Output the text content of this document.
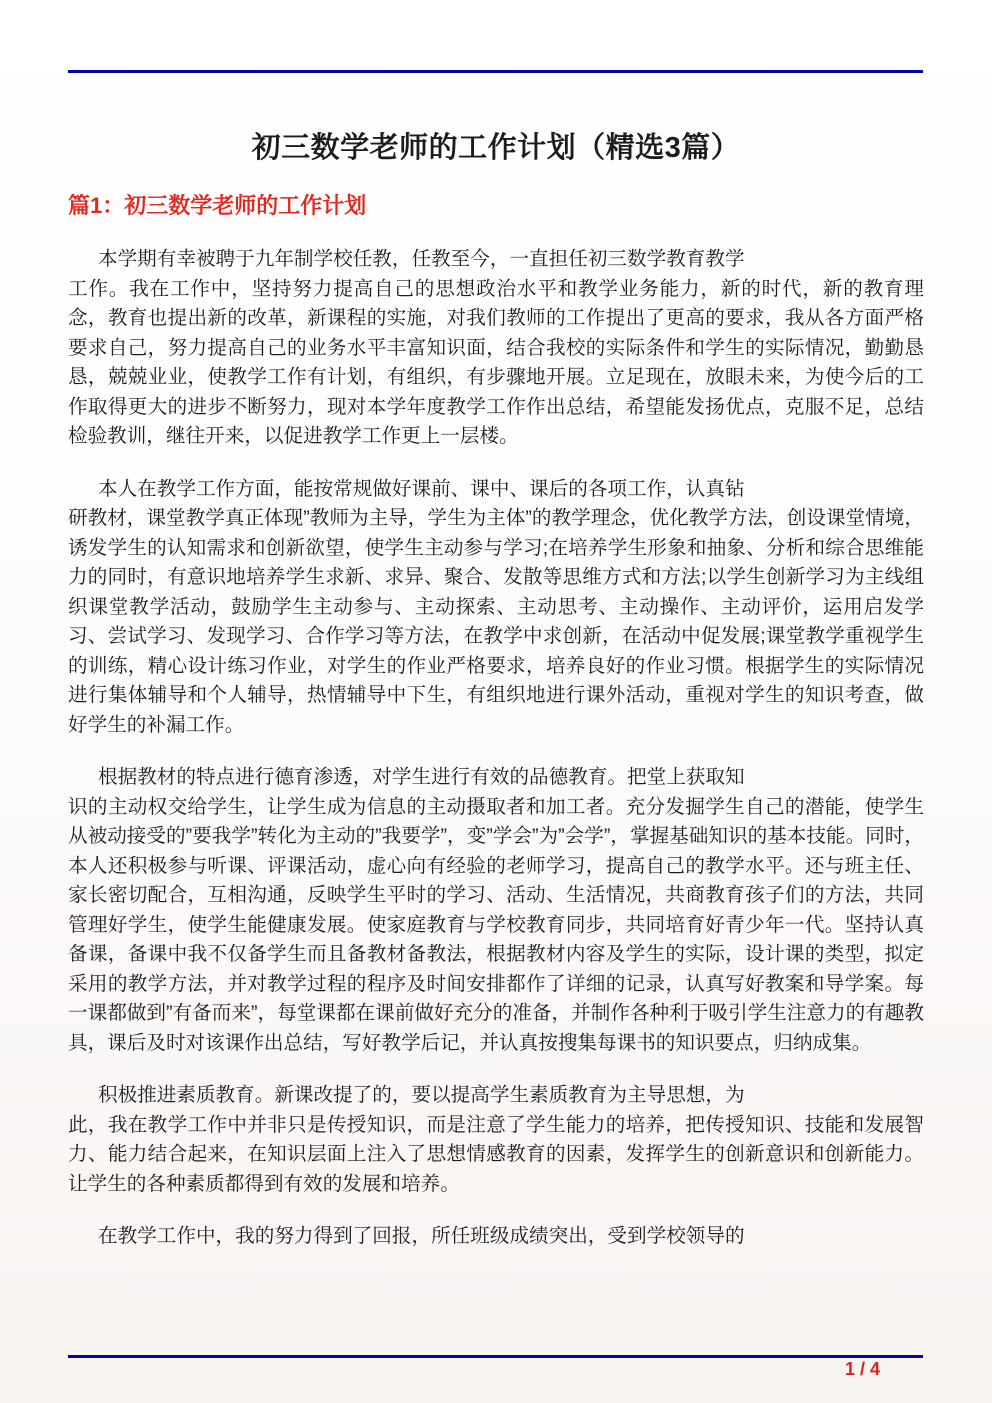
初三数学老师的工作计划（精选3篇）
篇1：初三数学老师的工作计划
本学期有幸被聘于九年制学校任教，任教至今，一直担任初三数学教育教学
工作。我在工作中，坚持努力提高自己的思想政治水平和教学业务能力，新的时代，新的教育理念，教育也提出新的改革，新课程的实施，对我们教师的工作提出了更高的要求，我从各方面严格要求自己，努力提高自己的业务水平丰富知识面，结合我校的实际条件和学生的实际情况，勤勤恳恳，兢兢业业，使教学工作有计划，有组织，有步骤地开展。立足现在，放眼未来，为使今后的工作取得更大的进步不断努力，现对本学年度教学工作作出总结，希望能发扬优点，克服不足，总结检验教训，继往开来，以促进教学工作更上一层楼。
本人在教学工作方面，能按常规做好课前、课中、课后的各项工作，认真钻
研教材，课堂教学真正体现”教师为主导，学生为主体”的教学理念，优化教学方法，创设课堂情境，诱发学生的认知需求和创新欲望，使学生主动参与学习;在培养学生形象和抽象、分析和综合思维能力的同时，有意识地培养学生求新、求异、聚合、发散等思维方式和方法;以学生创新学习为主线组织课堂教学活动，鼓励学生主动参与、主动探索、主动思考、主动操作、主动评价，运用启发学习、尝试学习、发现学习、合作学习等方法，在教学中求创新，在活动中促发展;课堂教学重视学生的训练，精心设计练习作业，对学生的作业严格要求，培养良好的作业习惯。根据学生的实际情况进行集体辅导和个人辅导，热情辅导中下生，有组织地进行课外活动，重视对学生的知识考查，做好学生的补漏工作。
根据教材的特点进行德育渗透，对学生进行有效的品德教育。把堂上获取知
识的主动权交给学生，让学生成为信息的主动摄取者和加工者。充分发掘学生自己的潜能，使学生从被动接受的”要我学”转化为主动的”我要学”，变”学会”为”会学”，掌握基础知识的基本技能。同时，本人还积极参与听课、评课活动，虚心向有经验的老师学习，提高自己的教学水平。还与班主任、家长密切配合，互相沟通，反映学生平时的学习、活动、生活情况，共商教育孩子们的方法，共同管理好学生，使学生能健康发展。使家庭教育与学校教育同步，共同培育好青少年一代。坚持认真备课，备课中我不仅备学生而且备教材备教法，根据教材内容及学生的实际，设计课的类型，拟定采用的教学方法，并对教学过程的程序及时间安排都作了详细的记录，认真写好教案和导学案。每一课都做到”有备而来”，每堂课都在课前做好充分的准备，并制作各种利于吸引学生注意力的有趣教具，课后及时对该课作出总结，写好教学后记，并认真按搜集每课书的知识要点，归纳成集。
积极推进素质教育。新课改提了的，要以提高学生素质教育为主导思想，为
此，我在教学工作中并非只是传授知识，而是注意了学生能力的培养，把传授知识、技能和发展智力、能力结合起来，在知识层面上注入了思想情感教育的因素，发挥学生的创新意识和创新能力。让学生的各种素质都得到有效的发展和培养。
在教学工作中，我的努力得到了回报，所任班级成绩突出，受到学校领导的
1 / 4
